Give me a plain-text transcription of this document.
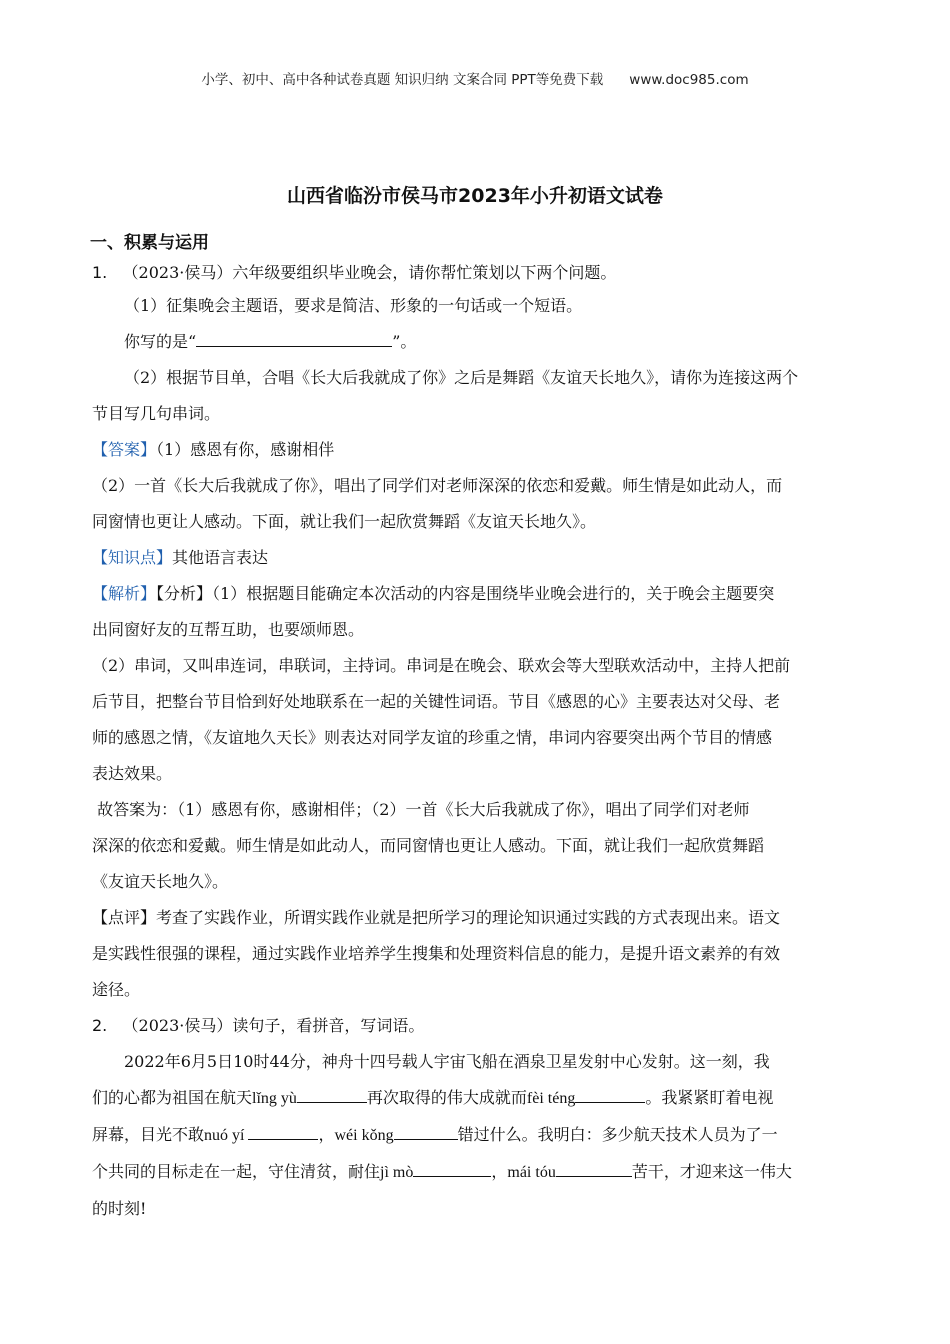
小学、初中、高中各种试卷真题 知识归纳 文案合同 PPT等免费下载 www.doc985.com
山西省临汾市侯马市2023年小升初语文试卷
一、积累与运用
1. （2023·侯马）六年级要组织毕业晚会，请你帮忙策划以下两个问题。
（1）征集晚会主题语，要求是简洁、形象的一句话或一个短语。
你写的是“	”。
（2）根据节目单，合唱《长大后我就成了你》之后是舞蹈《友谊天长地久》，请你为连接这两个
节目写几句串词。
【答案】（1）感恩有你，感谢相伴
（2）一首《长大后我就成了你》，唱出了同学们对老师深深的依恋和爱戴。师生情是如此动人，而
同窗情也更让人感动。下面，就让我们一起欣赏舞蹈《友谊天长地久》。
【知识点】其他语言表达
【解析】【分析】（1）根据题目能确定本次活动的内容是围绕毕业晚会进行的，关于晚会主题要突
出同窗好友的互帮互助，也要颂师恩。
（2）串词，又叫串连词，串联词，主持词。串词是在晚会、联欢会等大型联欢活动中，主持人把前
后节目，把整台节目恰到好处地联系在一起的关键性词语。节目《感恩的心》主要表达对父母、老
师的感恩之情，《友谊地久天长》则表达对同学友谊的珍重之情，串词内容要突出两个节目的情感
表达效果。
故答案为：（1）感恩有你，感谢相伴；（2）一首《长大后我就成了你》，唱出了同学们对老师
深深的依恋和爱戴。师生情是如此动人，而同窗情也更让人感动。下面，就让我们一起欣赏舞蹈
《友谊天长地久》。
【点评】考查了实践作业，所谓实践作业就是把所学习的理论知识通过实践的方式表现出来。语文
是实践性很强的课程，通过实践作业培养学生搜集和处理资料信息的能力，是提升语文素养的有效
途径。
2. （2023·侯马）读句子，看拼音，写词语。
2022年6月5日10时44分，神舟十四号载人宇宙飞船在酒泉卫星发射中心发射。这一刻，我
们的心都为祖国在航天lǐng yù	再次取得的伟大成就而fèi téng	。我紧紧盯着电视
屏幕，目光不敢nuó yí	，wéi kǒng	错过什么。我明白：多少航天技术人员为了一
个共同的目标走在一起，守住清贫，耐住jì mò	，mái tóu	苦干，才迎来这一伟大
的时刻!
